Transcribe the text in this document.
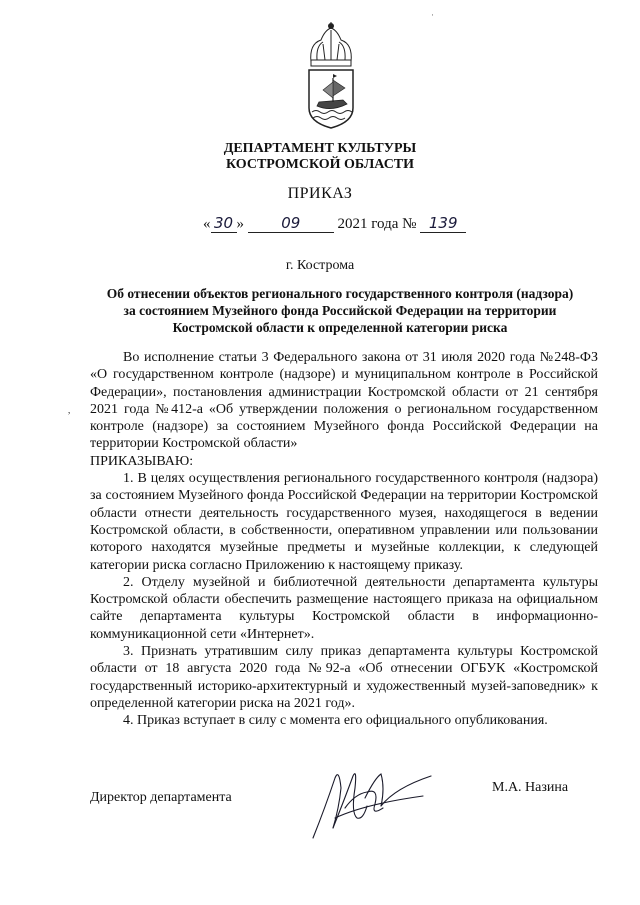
ДЕПАРТАМЕНТ КУЛЬТУРЫ
КОСТРОМСКОЙ ОБЛАСТИ
ПРИКАЗ
« 30 » 09 2021 года № 139
г. Кострома
Об отнесении объектов регионального государственного контроля (надзора) за состоянием Музейного фонда Российской Федерации на территории Костромской области к определенной категории риска
,
·

Во исполнение статьи 3 Федерального закона от 31 июля 2020 года №248-ФЗ «О государственном контроле (надзоре) и муниципальном контроле в Российской Федерации», постановления администрации Костромской области от 21 сентября 2021 года №412-а «Об утверждении положения о региональном государственном контроле (надзоре) за состоянием Музейного фонда Российской Федерации на территории Костромской области»

ПРИКАЗЫВАЮ:

1. В целях осуществления регионального государственного контроля (надзора) за состоянием Музейного фонда Российской Федерации на территории Костромской области отнести деятельность государственного музея, находящегося в ведении Костромской области, в собственности, оперативном управлении или пользовании которого находятся музейные предметы и музейные коллекции, к следующей категории риска согласно Приложению к настоящему приказу.

2. Отделу музейной и библиотечной деятельности департамента культуры Костромской области обеспечить размещение настоящего приказа на официальном сайте департамента культуры Костромской области в информационно-коммуникационной сети «Интернет».

3. Признать утратившим силу приказ департамента культуры Костромской области от 18 августа 2020 года №92-а «Об отнесении ОГБУК «Костромской государственный историко-архитектурный и художественный музей-заповедник» к определенной категории риска на 2021 год».

4. Приказ вступает в силу с момента его официального опубликования.

Директор департамента
М.А. Назина
